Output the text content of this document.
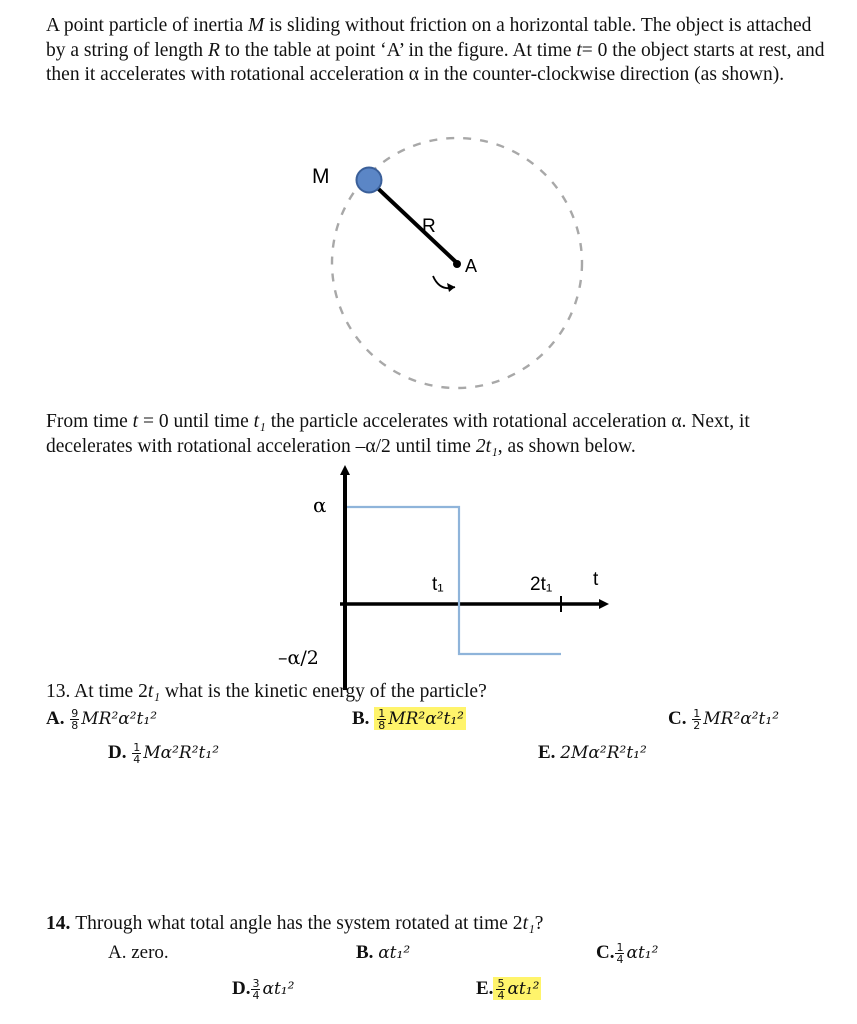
A point particle of inertia M is sliding without friction on a horizontal table. The object is attached by a string of length R to the table at point ‘A’ in the figure. At time t= 0 the object starts at rest, and then it accelerates with rotational acceleration α in the counter-clockwise direction (as shown).

M
R
A
α
–α/2
t₁	2t₁ t

From time t = 0 until time t₁ the particle accelerates with rotational acceleration α. Next, it decelerates with rotational acceleration –α/2 until time 2t₁, as shown below.

13. At time 2t₁ what is the kinetic energy of the particle?
A. $\frac{9}{8} MR^2\alpha^2t_1^2$	B. $\frac{1}{8} MR^2\alpha^2t_1^2$	C. $\frac{1}{2} MR^2\alpha^2t_1^2$
D. $\frac{1}{4} M\alpha^2R^2t_1^2$	E. 2Mα²R²t₁²
14. Through what total angle has the system rotated at time 2t₁?
A. zero.	B. αt₁²	C. $\frac{1}{4} \alpha t_1^2$
D. $\frac{3}{4} \alpha t_1^2$	E. $\frac{5}{4} \alpha t_1^2$
